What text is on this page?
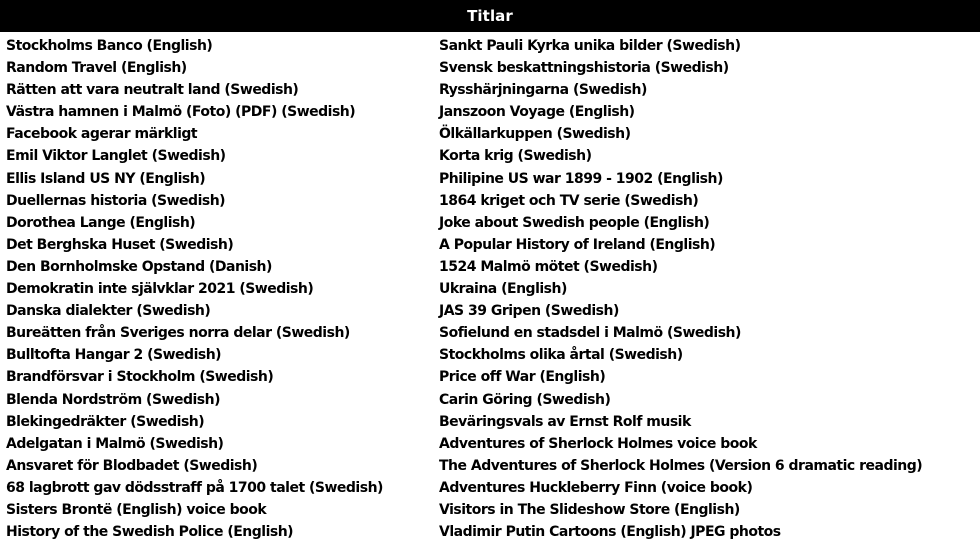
Titlar
Stockholms Banco (English)
Random Travel (English)
Rätten att vara neutralt land (Swedish)
Västra hamnen i Malmö (Foto) (PDF) (Swedish)
Facebook agerar märkligt
Emil Viktor Langlet (Swedish)
Ellis Island US NY (English)
Duellernas historia (Swedish)
Dorothea Lange (English)
Det Berghska Huset (Swedish)
Den Bornholmske Opstand (Danish)
Demokratin inte självklar 2021 (Swedish)
Danska dialekter (Swedish)
Bureätten från Sveriges norra delar (Swedish)
Bulltofta Hangar 2 (Swedish)
Brandförsvar i Stockholm (Swedish)
Blenda Nordström (Swedish)
Blekingedräkter (Swedish)
Adelgatan i Malmö (Swedish)
Ansvaret för Blodbadet (Swedish)
68 lagbrott gav dödsstraff på 1700 talet (Swedish)
Sisters Brontë (English) voice book
History of the Swedish Police (English)
Sankt Pauli Kyrka unika bilder (Swedish)
Svensk beskattningshistoria (Swedish)
Rysshärjningarna (Swedish)
Janszoon Voyage (English)
Ölkällarkuppen (Swedish)
Korta krig (Swedish)
Philipine US war 1899 - 1902 (English)
1864 kriget och TV serie (Swedish)
Joke about Swedish people (English)
A Popular History of Ireland (English)
1524 Malmö mötet (Swedish)
Ukraina (English)
JAS 39 Gripen (Swedish)
Sofielund en stadsdel i Malmö (Swedish)
Stockholms olika årtal (Swedish)
Price off War (English)
Carin Göring (Swedish)
Beväringsvals av Ernst Rolf musik
Adventures of Sherlock Holmes voice book
The Adventures of Sherlock Holmes (Version 6 dramatic reading)
Adventures Huckleberry Finn (voice book)
Visitors in The Slideshow Store (English)
Vladimir Putin Cartoons (English) JPEG photos
